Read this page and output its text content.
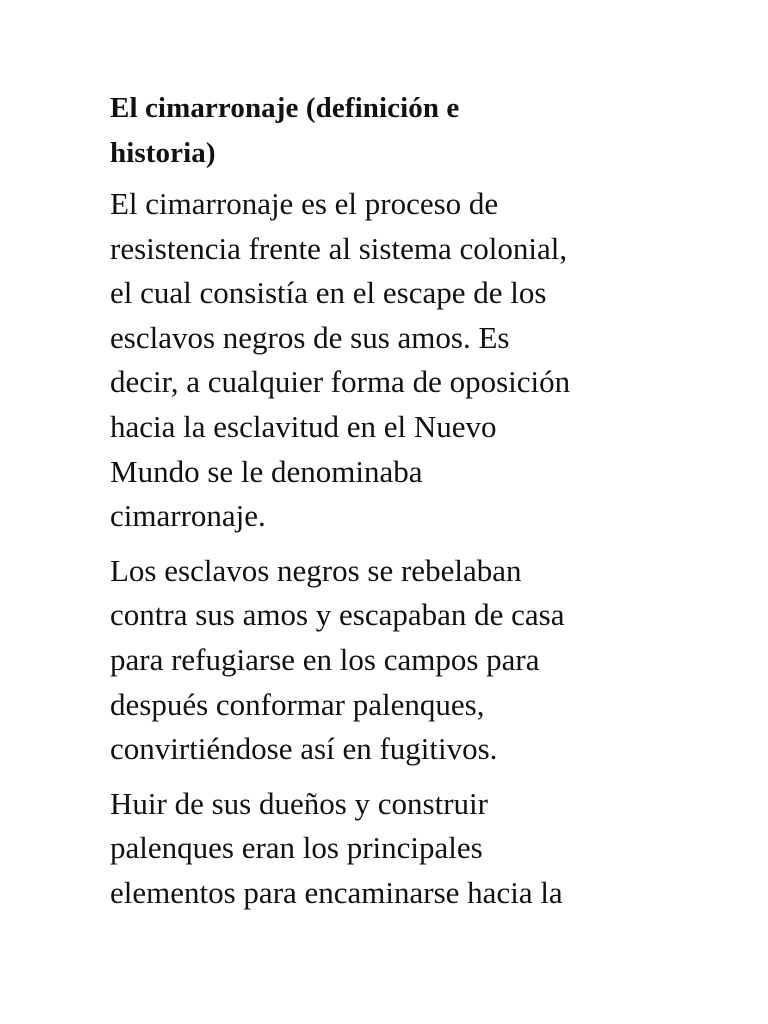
El cimarronaje (definición e
historia)

El cimarronaje es el proceso de
resistencia frente al sistema colonial,
el cual consistía en el escape de los
esclavos negros de sus amos. Es
decir, a cualquier forma de oposición
hacia la esclavitud en el Nuevo
Mundo se le denominaba
cimarronaje.

Los esclavos negros se rebelaban
contra sus amos y escapaban de casa
para refugiarse en los campos para
después conformar palenques,
convirtiéndose así en fugitivos.

Huir de sus dueños y construir
palenques eran los principales
elementos para encaminarse hacia la
